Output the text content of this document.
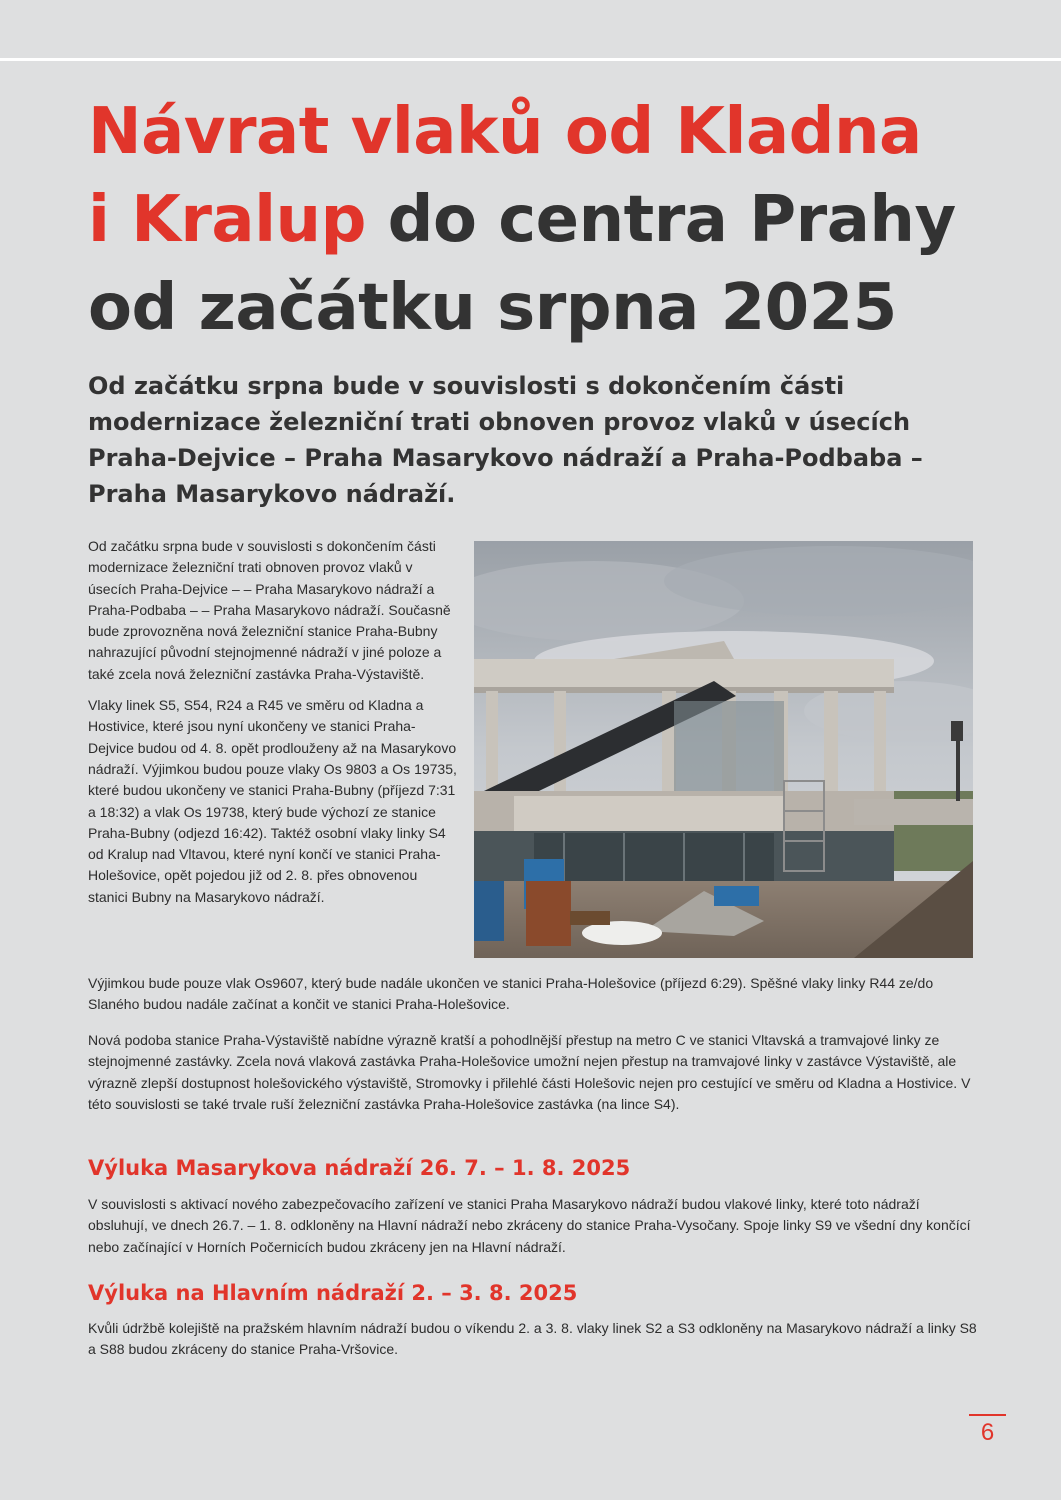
Návrat vlaků od Kladna
i Kralup do centra Prahy
od začátku srpna 2025

Od začátku srpna bude v souvislosti s dokončením části modernizace železniční trati obnoven provoz vlaků v úsecích Praha-Dejvice – Praha Masarykovo nádraží a Praha-Podbaba – Praha Masarykovo nádraží.

Od začátku srpna bude v souvislosti s dokončením části modernizace železniční trati obnoven provoz vlaků v úsecích Praha-Dejvice – – Praha Masarykovo nádraží a Praha-Podbaba – – Praha Masarykovo nádraží. Současně bude zprovozněna nová železniční stanice Praha-Bubny nahrazující původní stejnojmenné nádraží v jiné poloze a také zcela nová železniční zastávka Praha-Výstaviště.

Vlaky linek S5, S54, R24 a R45 ve směru od Kladna a Hostivice, které jsou nyní ukončeny ve stanici Praha-Dejvice budou od 4. 8. opět prodlouženy až na Masarykovo nádraží. Výjimkou budou pouze vlaky Os 9803 a Os 19735, které budou ukončeny ve stanici Praha-Bubny (příjezd 7:31 a 18:32) a vlak Os 19738, který bude výchozí ze stanice Praha-Bubny (odjezd 16:42). Taktéž osobní vlaky linky S4 od Kralup nad Vltavou, které nyní končí ve stanici Praha-Holešovice, opět pojedou již od 2. 8. přes obnovenou stanici Bubny na Masarykovo nádraží.

Výjimkou bude pouze vlak Os9607, který bude nadále ukončen ve stanici Praha-Holešovice (příjezd 6:29). Spěšné vlaky linky R44 ze/do Slaného budou nadále začínat a končit ve stanici Praha-Holešovice.

Nová podoba stanice Praha-Výstaviště nabídne výrazně kratší a pohodlnější přestup na metro C ve stanici Vltavská a tramvajové linky ze stejnojmenné zastávky. Zcela nová vlaková zastávka Praha-Holešovice umožní nejen přestup na tramvajové linky v zastávce Výstaviště, ale výrazně zlepší dostupnost holešovického výstaviště, Stromovky i přilehlé části Holešovic nejen pro cestující ve směru od Kladna a Hostivice. V této souvislosti se také trvale ruší železniční zastávka Praha-Holešovice zastávka (na lince S4).

Výluka Masarykova nádraží 26. 7. – 1. 8. 2025

V souvislosti s aktivací nového zabezpečovacího zařízení ve stanici Praha Masarykovo nádraží budou vlakové linky, které toto nádraží obsluhují, ve dnech 26.7. – 1. 8. odkloněny na Hlavní nádraží nebo zkráceny do stanice Praha-Vysočany. Spoje linky S9 ve všední dny končící nebo začínající v Horních Počernicích budou zkráceny jen na Hlavní nádraží.

Výluka na Hlavním nádraží 2. – 3. 8. 2025

Kvůli údržbě kolejiště na pražském hlavním nádraží budou o víkendu 2. a 3. 8. vlaky linek S2 a S3 odkloněny na Masarykovo nádraží a linky S8 a S88 budou zkráceny do stanice Praha-Vršovice.

6
